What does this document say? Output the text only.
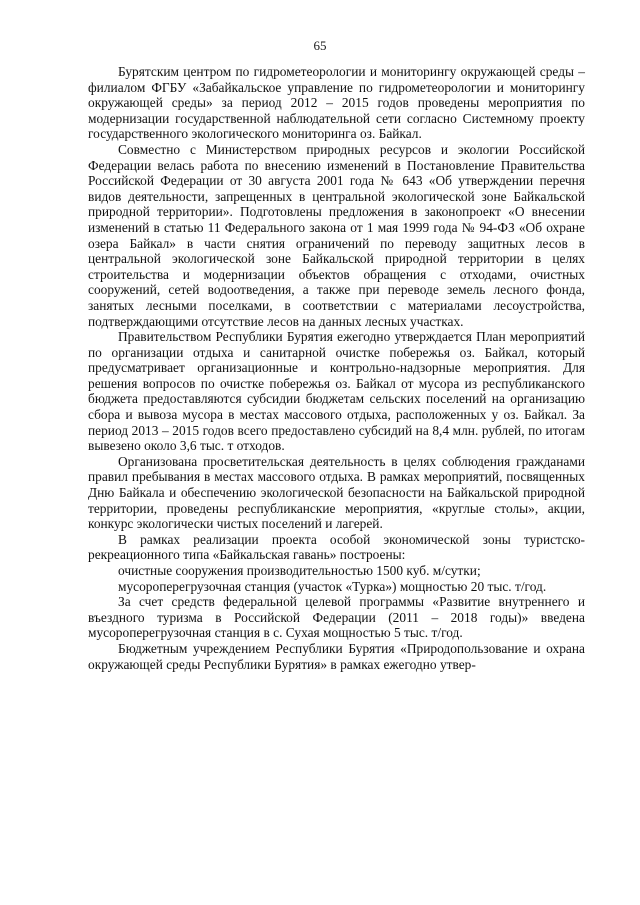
65

Бурятским центром по гидрометеорологии и мониторингу окружающей среды – филиалом ФГБУ «Забайкальское управление по гидрометеорологии и мониторингу окружающей среды» за период 2012 – 2015 годов проведены мероприятия по модернизации государственной наблюдательной сети согласно Системному проекту государственного экологического мониторинга оз. Байкал.

Совместно с Министерством природных ресурсов и экологии Российской Федерации велась работа по внесению изменений в Постановление Правительства Российской Федерации от 30 августа 2001 года № 643 «Об утверждении перечня видов деятельности, запрещенных в центральной экологической зоне Байкальской природной территории». Подготовлены предложения в законопроект «О внесении изменений в статью 11 Федерального закона от 1 мая 1999 года № 94-ФЗ «Об охране озера Байкал» в части снятия ограничений по переводу защитных лесов в центральной экологической зоне Байкальской природной территории в целях строительства и модернизации объектов обращения с отходами, очистных сооружений, сетей водоотведения, а также при переводе земель лесного фонда, занятых лесными поселками, в соответствии с материалами лесоустройства, подтверждающими отсутствие лесов на данных лесных участках.

Правительством Республики Бурятия ежегодно утверждается План мероприятий по организации отдыха и санитарной очистке побережья оз. Байкал, который предусматривает организационные и контрольно-надзорные мероприятия. Для решения вопросов по очистке побережья оз. Байкал от мусора из республиканского бюджета предоставляются субсидии бюджетам сельских поселений на организацию сбора и вывоза мусора в местах массового отдыха, расположенных у оз. Байкал. За период 2013 – 2015 годов всего предоставлено субсидий на 8,4 млн. рублей, по итогам вывезено около 3,6 тыс. т отходов.

Организована просветительская деятельность в целях соблюдения гражданами правил пребывания в местах массового отдыха. В рамках мероприятий, посвященных Дню Байкала и обеспечению экологической безопасности на Байкальской природной территории, проведены республиканские мероприятия, «круглые столы», акции, конкурс экологически чистых поселений и лагерей.

В рамках реализации проекта особой экономической зоны туристско-рекреационного типа «Байкальская гавань» построены:

очистные сооружения производительностью 1500 куб. м/сутки;

мусороперегрузочная станция (участок «Турка») мощностью 20 тыс. т/год.

За счет средств федеральной целевой программы «Развитие внутреннего и въездного туризма в Российской Федерации (2011 – 2018 годы)» введена мусороперегрузочная станция в с. Сухая мощностью 5 тыс. т/год.

Бюджетным учреждением Республики Бурятия «Природопользование и охрана окружающей среды Республики Бурятия» в рамках ежегодно утвер-
